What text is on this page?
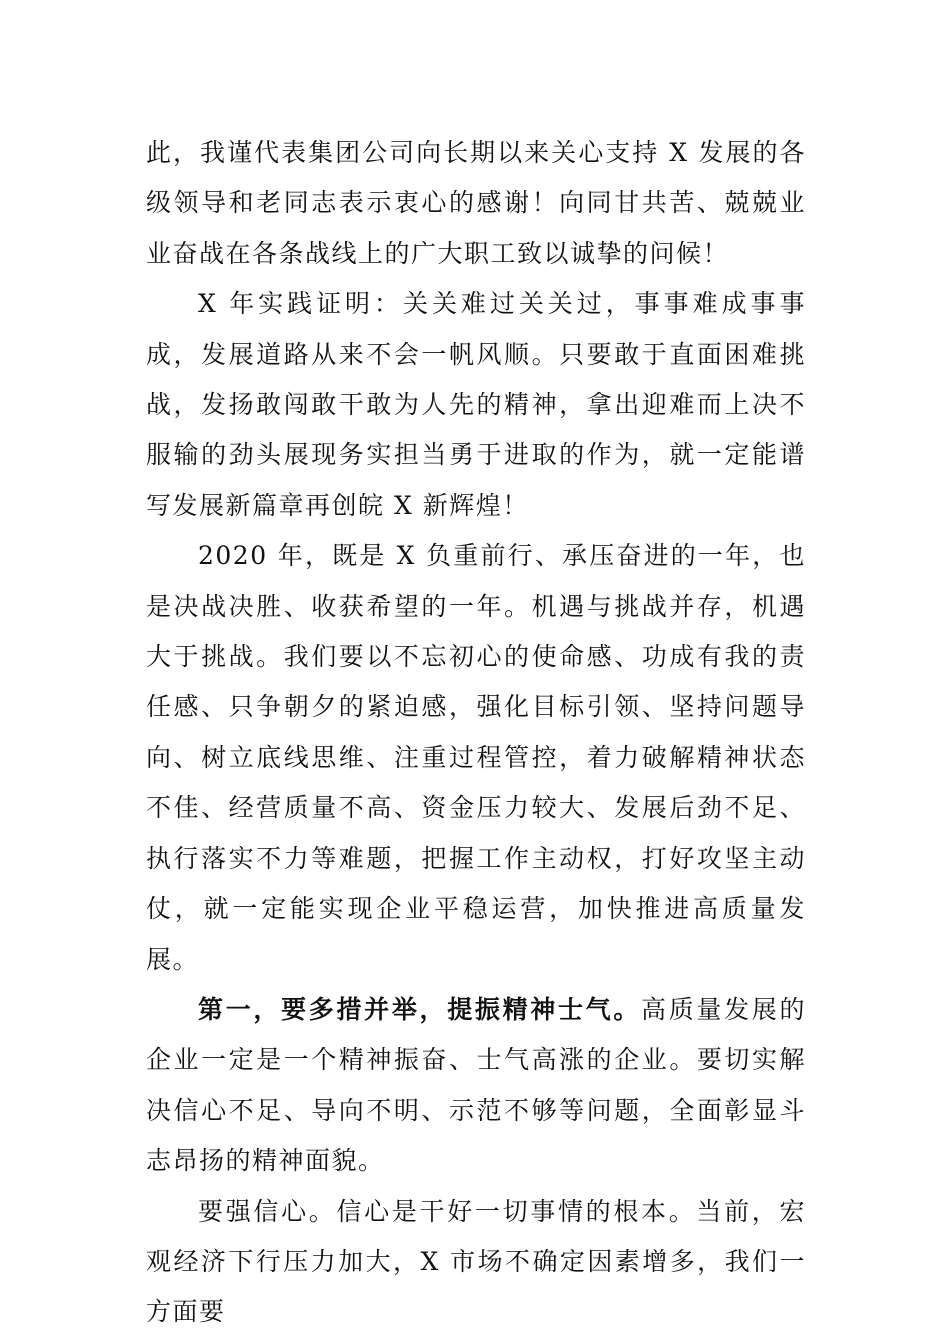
此，我谨代表集团公司向长期以来关心支持 X 发展的各级领导和老同志表示衷心的感谢！向同甘共苦、兢兢业业奋战在各条战线上的广大职工致以诚挚的问候！

X 年实践证明：关关难过关关过，事事难成事事成，发展道路从来不会一帆风顺。只要敢于直面困难挑战，发扬敢闯敢干敢为人先的精神，拿出迎难而上决不服输的劲头展现务实担当勇于进取的作为，就一定能谱写发展新篇章再创皖 X 新辉煌！

2020 年，既是 X 负重前行、承压奋进的一年，也是决战决胜、收获希望的一年。机遇与挑战并存，机遇大于挑战。我们要以不忘初心的使命感、功成有我的责任感、只争朝夕的紧迫感，强化目标引领、坚持问题导向、树立底线思维、注重过程管控，着力破解精神状态不佳、经营质量不高、资金压力较大、发展后劲不足、执行落实不力等难题，把握工作主动权，打好攻坚主动仗，就一定能实现企业平稳运营，加快推进高质量发展。

第一，要多措并举，提振精神士气。高质量发展的企业一定是一个精神振奋、士气高涨的企业。要切实解决信心不足、导向不明、示范不够等问题，全面彰显斗志昂扬的精神面貌。

要强信心。信心是干好一切事情的根本。当前，宏观经济下行压力加大，X 市场不确定因素增多，我们一方面要
